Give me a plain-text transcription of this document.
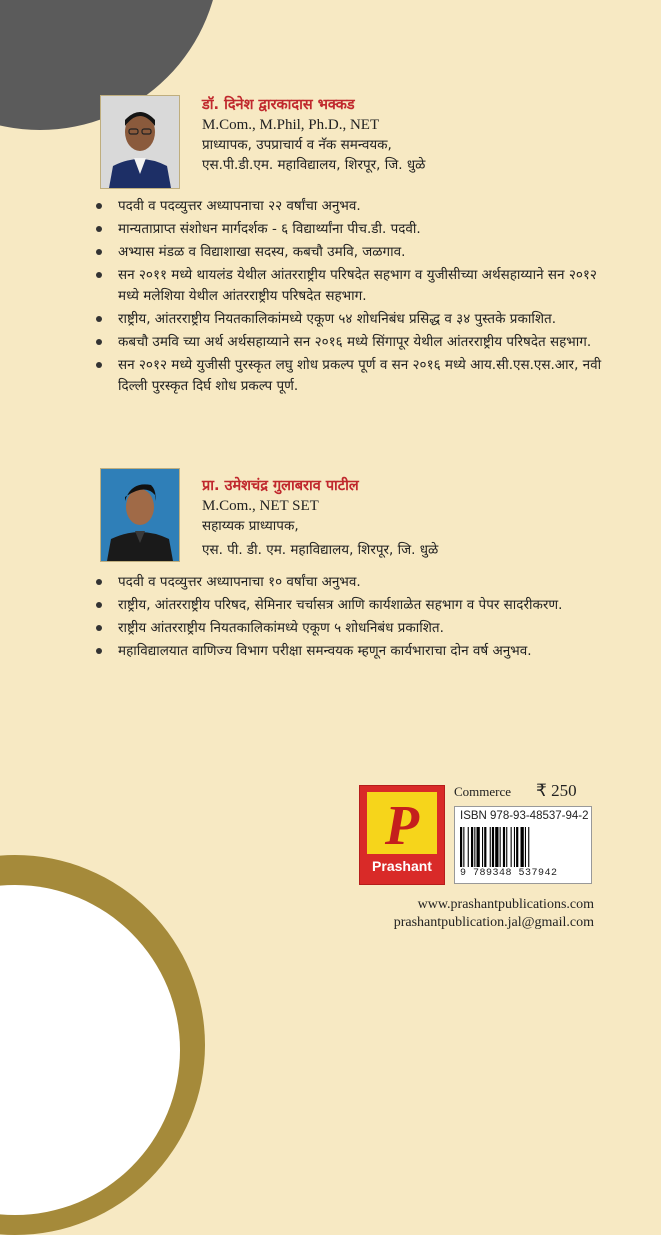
डॉ. दिनेश द्वारकादास भक्कड
M.Com., M.Phil, Ph.D., NET
प्राध्यापक, उपप्राचार्य व नॅक समन्वयक,
एस.पी.डी.एम. महाविद्यालय, शिरपूर, जि. धुळे
पदवी व पदव्युत्तर अध्यापनाचा २२ वर्षांचा अनुभव.
मान्यताप्राप्त संशोधन मार्गदर्शक - ६ विद्यार्थ्यांना पीच.डी. पदवी.
अभ्यास मंडळ व विद्याशाखा सदस्य, कबचौ उमवि, जळगाव.
सन २०११ मध्ये थायलंड येथील आंतरराष्ट्रीय परिषदेत सहभाग व युजीसीच्या अर्थसहाय्याने सन २०१२ मध्ये मलेशिया येथील आंतरराष्ट्रीय परिषदेत सहभाग.
राष्ट्रीय, आंतरराष्ट्रीय नियतकालिकांमध्ये एकूण ५४ शोधनिबंध प्रसिद्ध व ३४ पुस्तके प्रकाशित.
कबचौ उमवि च्या अर्थ अर्थसहाय्याने सन २०१६ मध्ये सिंगापूर येथील आंतरराष्ट्रीय परिषदेत सहभाग.
सन २०१२ मध्ये युजीसी पुरस्कृत लघु शोध प्रकल्प पूर्ण व सन २०१६ मध्ये आय.सी.एस.एस.आर, नवी दिल्ली पुरस्कृत दिर्घ शोध प्रकल्प पूर्ण.
प्रा. उमेशचंद्र गुलाबराव पाटील
M.Com., NET SET
सहाय्यक प्राध्यापक,
एस. पी. डी. एम. महाविद्यालय, शिरपूर, जि. धुळे
पदवी व पदव्युत्तर अध्यापनाचा १० वर्षांचा अनुभव.
राष्ट्रीय, आंतरराष्ट्रीय परिषद, सेमिनार चर्चासत्र आणि कार्यशाळेत सहभाग व पेपर सादरीकरण.
राष्ट्रीय आंतरराष्ट्रीय नियतकालिकांमध्ये एकूण ५ शोधनिबंध प्रकाशित.
महाविद्यालयात वाणिज्य विभाग परीक्षा समन्वयक म्हणून कार्यभाराचा दोन वर्ष अनुभव.
P
Prashant
Commerce ₹ 250
ISBN 978-93-48537-94-2
9 789348 537942
www.prashantpublications.com
prashantpublication.jal@gmail.com
